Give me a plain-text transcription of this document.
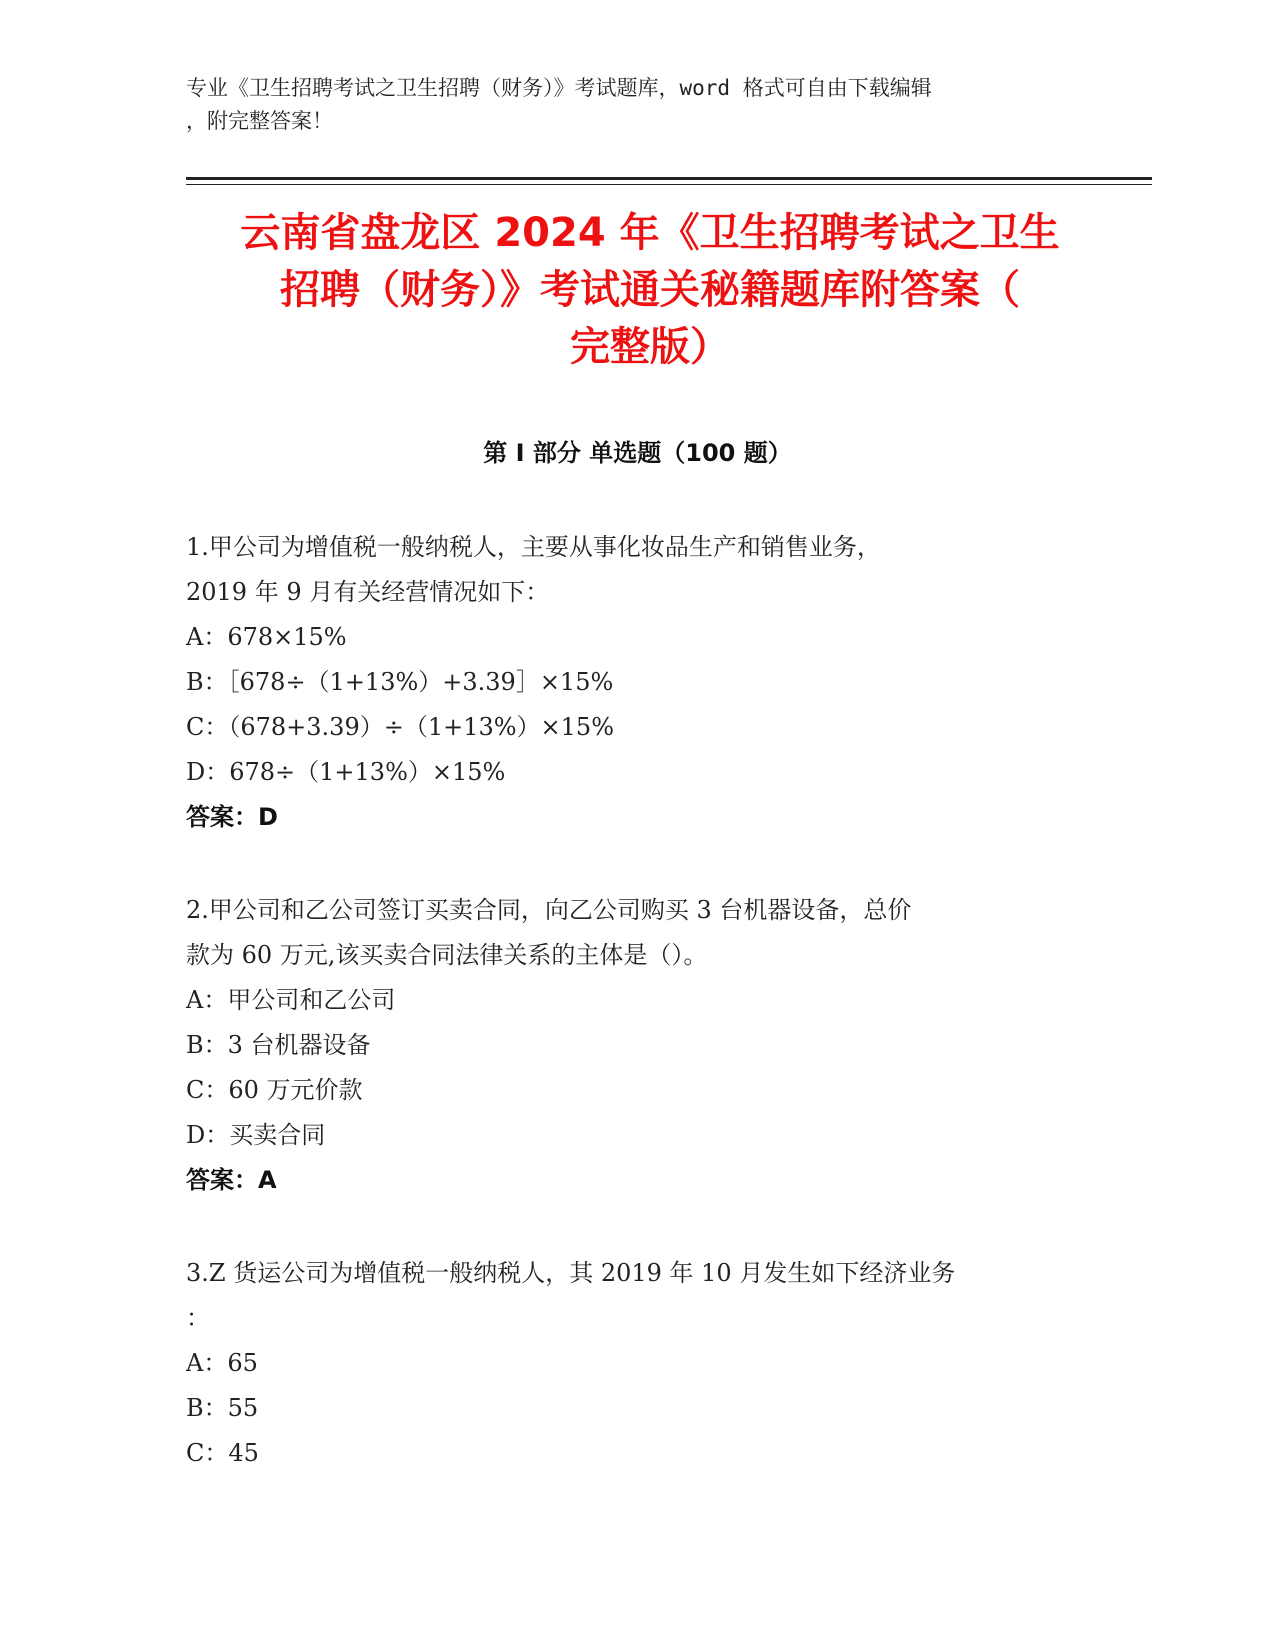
专业《卫生招聘考试之卫生招聘（财务）》考试题库，word 格式可自由下载编辑
，附完整答案！
云南省盘龙区 2024 年《卫生招聘考试之卫生
招聘（财务）》考试通关秘籍题库附答案（
完整版）
第 I 部分 单选题（100 题）
1.甲公司为增值税一般纳税人，主要从事化妆品生产和销售业务，
2019 年 9 月有关经营情况如下：
A：678×15%
B：［678÷（1+13%）+3.39］×15%
C：（678+3.39）÷（1+13%）×15%
D：678÷（1+13%）×15%
答案：D
2.甲公司和乙公司签订买卖合同，向乙公司购买 3 台机器设备，总价
款为 60 万元,该买卖合同法律关系的主体是（）。
A：甲公司和乙公司
B：3 台机器设备
C：60 万元价款
D：买卖合同
答案：A
3.Z 货运公司为增值税一般纳税人，其 2019 年 10 月发生如下经济业务
：
A：65
B：55
C：45
